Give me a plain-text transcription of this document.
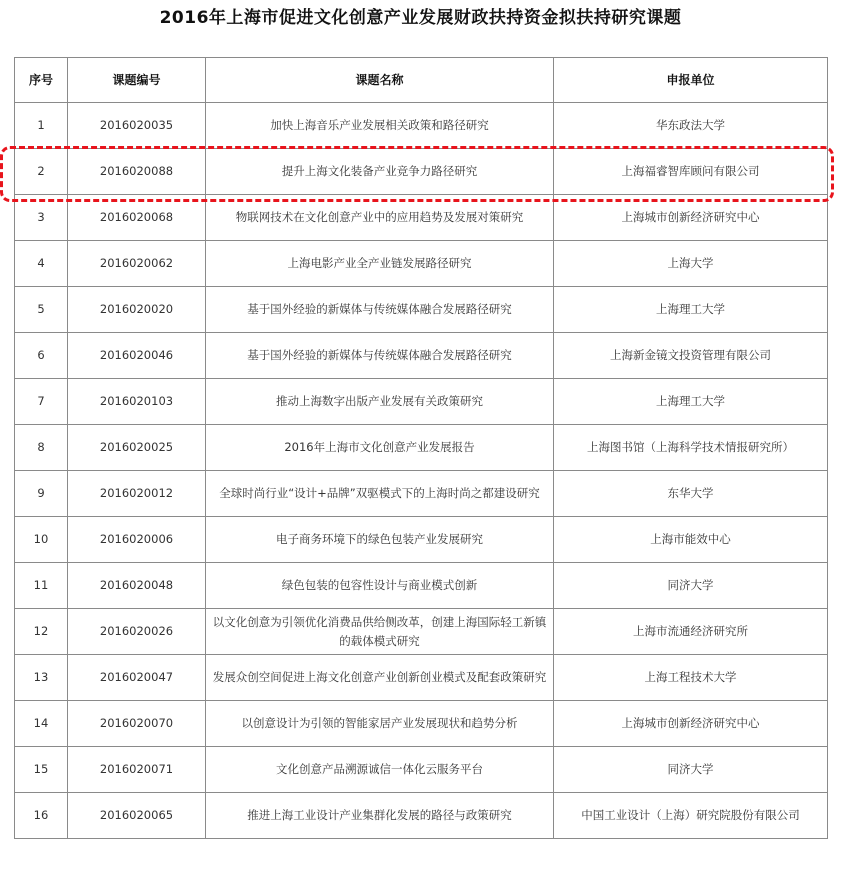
2016年上海市促进文化创意产业发展财政扶持资金拟扶持研究课题
序号	课题编号	课题名称	申报单位
1	2016020035	加快上海音乐产业发展相关政策和路径研究	华东政法大学
2	2016020088	提升上海文化装备产业竞争力路径研究	上海福睿智库顾问有限公司
3	2016020068	物联网技术在文化创意产业中的应用趋势及发展对策研究	上海城市创新经济研究中心
4	2016020062	上海电影产业全产业链发展路径研究	上海大学
5	2016020020	基于国外经验的新媒体与传统媒体融合发展路径研究	上海理工大学
6	2016020046	基于国外经验的新媒体与传统媒体融合发展路径研究	上海新金镜文投资管理有限公司
7	2016020103	推动上海数字出版产业发展有关政策研究	上海理工大学
8	2016020025	2016年上海市文化创意产业发展报告	上海图书馆（上海科学技术情报研究所）
9	2016020012	全球时尚行业“设计+品牌”双驱模式下的上海时尚之都建设研究	东华大学
10	2016020006	电子商务环境下的绿色包装产业发展研究	上海市能效中心
11	2016020048	绿色包装的包容性设计与商业模式创新	同济大学
12	2016020026	以文化创意为引领优化消费品供给侧改革，创建上海国际轻工新镇的载体模式研究	上海市流通经济研究所
13	2016020047	发展众创空间促进上海文化创意产业创新创业模式及配套政策研究	上海工程技术大学
14	2016020070	以创意设计为引领的智能家居产业发展现状和趋势分析	上海城市创新经济研究中心
15	2016020071	文化创意产品溯源诚信一体化云服务平台	同济大学
16	2016020065	推进上海工业设计产业集群化发展的路径与政策研究	中国工业设计（上海）研究院股份有限公司
